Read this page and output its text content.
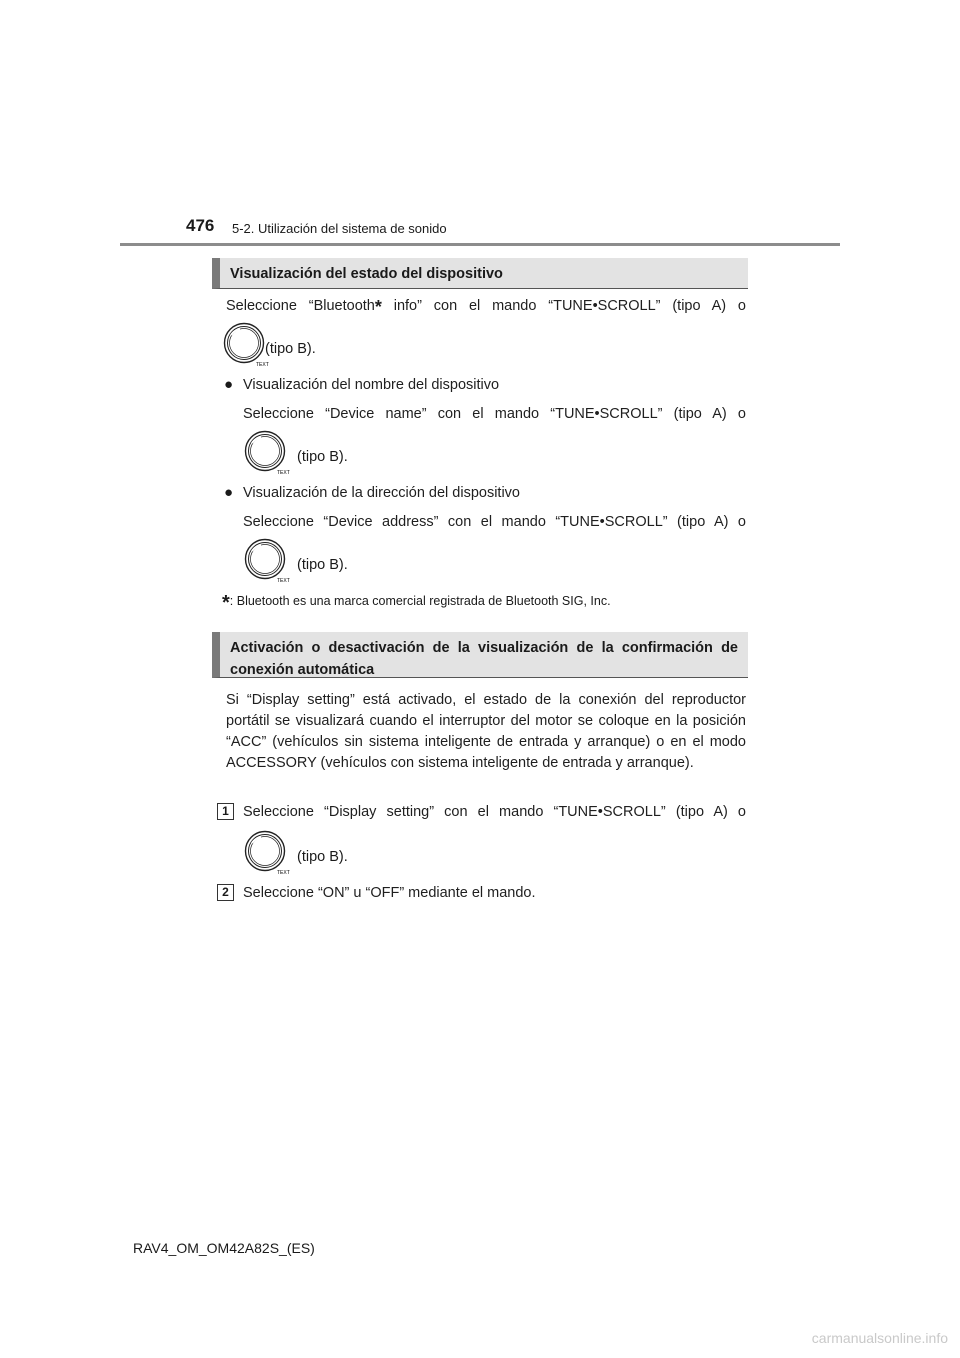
476 5-2. Utilización del sistema de sonido
Visualización del estado del dispositivo
Seleccione “Bluetooth* info” con el mando “TUNE•SCROLL” (tipo A) o
TEXT
(tipo B).
● Visualización del nombre del dispositivo
Seleccione “Device name” con el mando “TUNE•SCROLL” (tipo A) o
TEXT
(tipo B).
● Visualización de la dirección del dispositivo
Seleccione “Device address” con el mando “TUNE•SCROLL” (tipo A) o
TEXT
(tipo B).
*: Bluetooth es una marca comercial registrada de Bluetooth SIG, Inc.
Activación o desactivación de la visualización de la confirmación de conexión automática
Si “Display setting” está activado, el estado de la conexión del reproductor portátil se visualizará cuando el interruptor del motor se coloque en la posición “ACC” (vehículos sin sistema inteligente de entrada y arranque) o en el modo ACCESSORY (vehículos con sistema inteligente de entrada y arranque).
1 Seleccione “Display setting” con el mando “TUNE•SCROLL” (tipo A) o
TEXT
(tipo B).
2 Seleccione “ON” u “OFF” mediante el mando.
RAV4_OM_OM42A82S_(ES)
carmanualsonline.info
